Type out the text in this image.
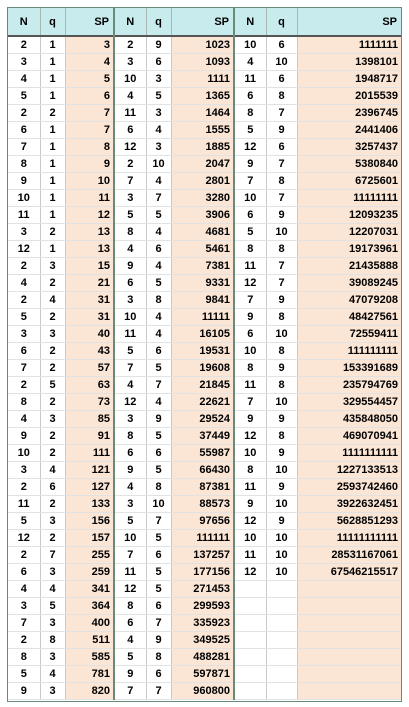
N	q	SP	N	q	SP	N	q	SP
2	1	3	2	9	1023	10	6	1111111
3	1	4	3	6	1093	4	10	1398101
4	1	5	10	3	1111	11	6	1948717
5	1	6	4	5	1365	6	8	2015539
2	2	7	11	3	1464	8	7	2396745
6	1	7	6	4	1555	5	9	2441406
7	1	8	12	3	1885	12	6	3257437
8	1	9	2	10	2047	9	7	5380840
9	1	10	7	4	2801	7	8	6725601
10	1	11	3	7	3280	10	7	11111111
11	1	12	5	5	3906	6	9	12093235
3	2	13	8	4	4681	5	10	12207031
12	1	13	4	6	5461	8	8	19173961
2	3	15	9	4	7381	11	7	21435888
4	2	21	6	5	9331	12	7	39089245
2	4	31	3	8	9841	7	9	47079208
5	2	31	10	4	11111	9	8	48427561
3	3	40	11	4	16105	6	10	72559411
6	2	43	5	6	19531	10	8	111111111
7	2	57	7	5	19608	8	9	153391689
2	5	63	4	7	21845	11	8	235794769
8	2	73	12	4	22621	7	10	329554457
4	3	85	3	9	29524	9	9	435848050
9	2	91	8	5	37449	12	8	469070941
10	2	111	6	6	55987	10	9	1111111111
3	4	121	9	5	66430	8	10	1227133513
2	6	127	4	8	87381	11	9	2593742460
11	2	133	3	10	88573	9	10	3922632451
5	3	156	5	7	97656	12	9	5628851293
12	2	157	10	5	111111	10	10	11111111111
2	7	255	7	6	137257	11	10	28531167061
6	3	259	11	5	177156	12	10	67546215517
4	4	341	12	5	271453			
3	5	364	8	6	299593			
7	3	400	6	7	335923			
2	8	511	4	9	349525			
8	3	585	5	8	488281			
5	4	781	9	6	597871			
9	3	820	7	7	960800			
